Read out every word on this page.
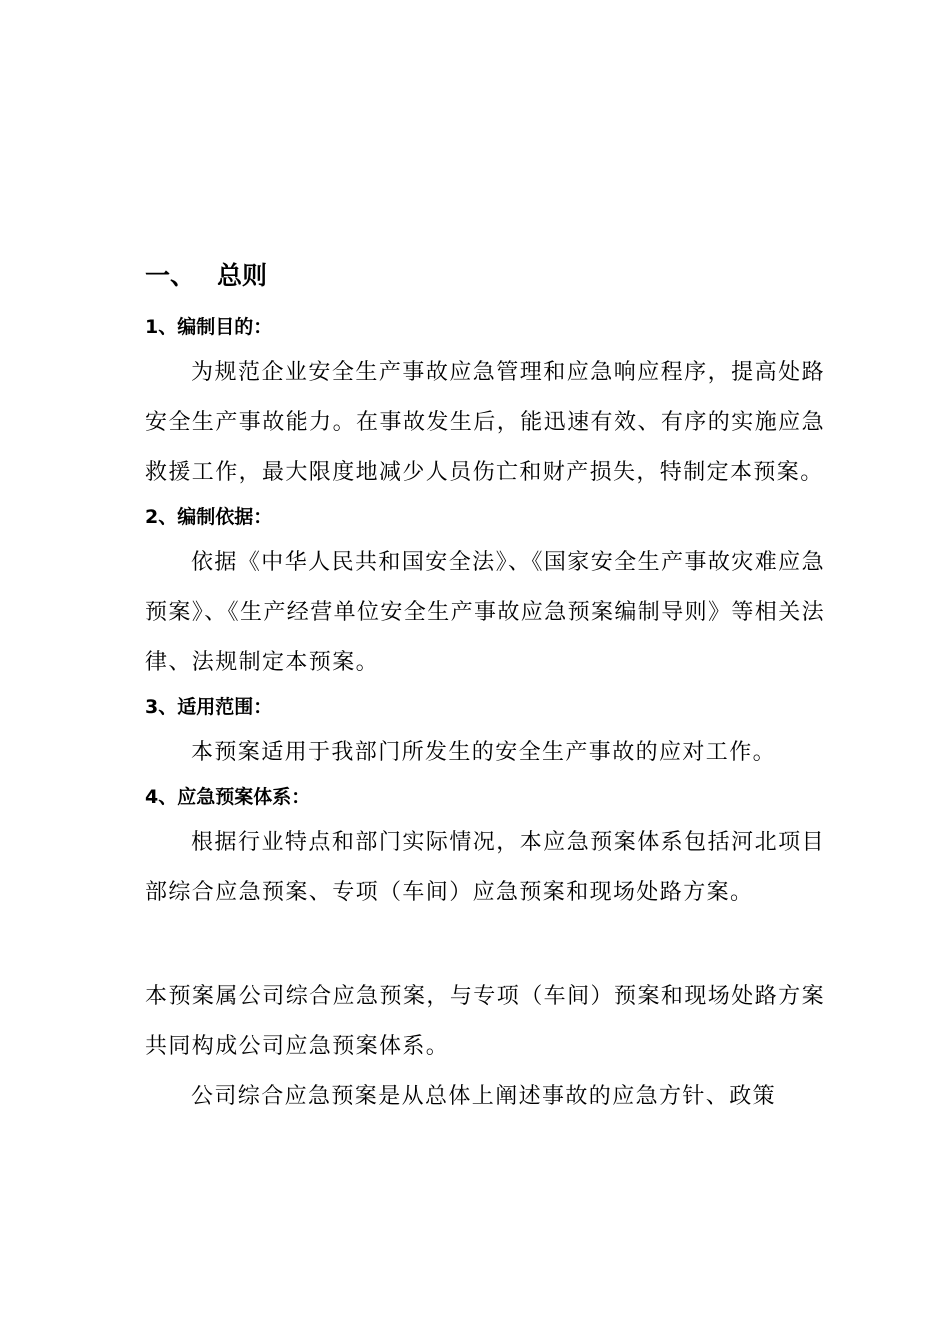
一、 总则

1、编制目的：

为规范企业安全生产事故应急管理和应急响应程序，提高处路安全生产事故能力。在事故发生后，能迅速有效、有序的实施应急救援工作，最大限度地减少人员伤亡和财产损失，特制定本预案。

2、编制依据：

依据《中华人民共和国安全法》、《国家安全生产事故灾难应急预案》、《生产经营单位安全生产事故应急预案编制导则》等相关法律、法规制定本预案。

3、适用范围：

本预案适用于我部门所发生的安全生产事故的应对工作。

4、应急预案体系：

根据行业特点和部门实际情况，本应急预案体系包括河北项目部综合应急预案、专项（车间）应急预案和现场处路方案。

本预案属公司综合应急预案，与专项（车间）预案和现场处路方案共同构成公司应急预案体系。

公司综合应急预案是从总体上阐述事故的应急方针、政策
